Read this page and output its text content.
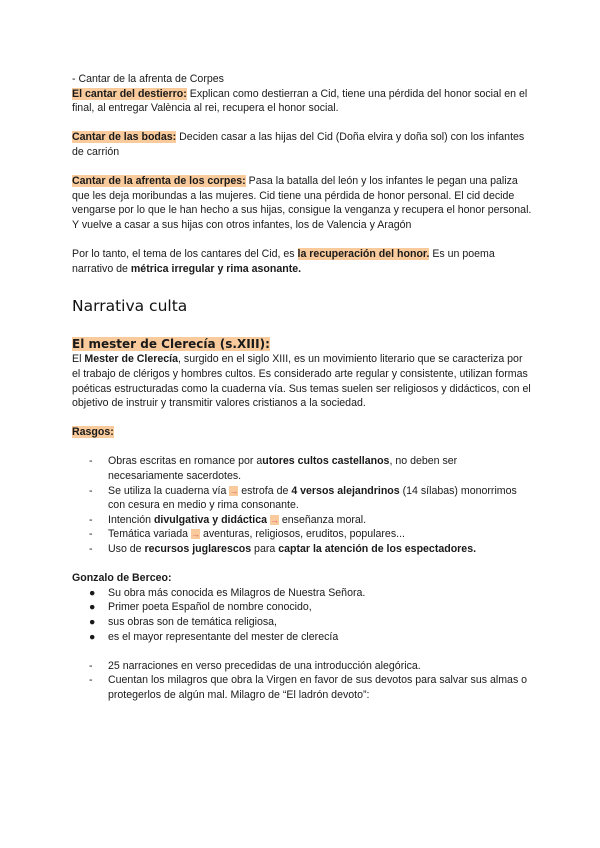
- Cantar de la afrenta de Corpes

El cantar del destierro: Explican como destierran a Cid, tiene una pérdida del honor social en el final, al entregar València al rei, recupera el honor social.

Cantar de las bodas: Deciden casar a las hijas del Cid (Doña elvira y doña sol) con los infantes de carrión

Cantar de la afrenta de los corpes: Pasa la batalla del león y los infantes le pegan una paliza que les deja moribundas a las mujeres. Cid tiene una pérdida de honor personal. El cid decide vengarse por lo que le han hecho a sus hijas, consigue la venganza y recupera el honor personal. Y vuelve a casar a sus hijas con otros infantes, los de Valencia y Aragón

Por lo tanto, el tema de los cantares del Cid, es la recuperación del honor. Es un poema narrativo de métrica irregular y rima asonante.

Narrativa culta
El mester de Clerecía (s.XIII):

El Mester de Clerecía, surgido en el siglo XIII, es un movimiento literario que se caracteriza por el trabajo de clérigos y hombres cultos. Es considerado arte regular y consistente, utilizan formas poéticas estructuradas como la cuaderna vía. Sus temas suelen ser religiosos y didácticos, con el objetivo de instruir y transmitir valores cristianos a la sociedad.

Rasgos:

- Obras escritas en romance por autores cultos castellanos, no deben ser necesariamente sacerdotes.
- Se utiliza la cuaderna vía → estrofa de 4 versos alejandrinos (14 sílabas) monorrimos con cesura en medio y rima consonante.
- Intención divulgativa y didáctica → enseñanza moral.
- Temática variada → aventuras, religiosos, eruditos, populares...
- Uso de recursos juglarescos para captar la atención de los espectadores.

Gonzalo de Berceo:

● Su obra más conocida es Milagros de Nuestra Señora.
● Primer poeta Español de nombre conocido,
● sus obras son de temática religiosa,
● es el mayor representante del mester de clerecía
- 25 narraciones en verso precedidas de una introducción alegórica.
- Cuentan los milagros que obra la Virgen en favor de sus devotos para salvar sus almas o protegerlos de algún mal. Milagro de “El ladrón devoto”:
